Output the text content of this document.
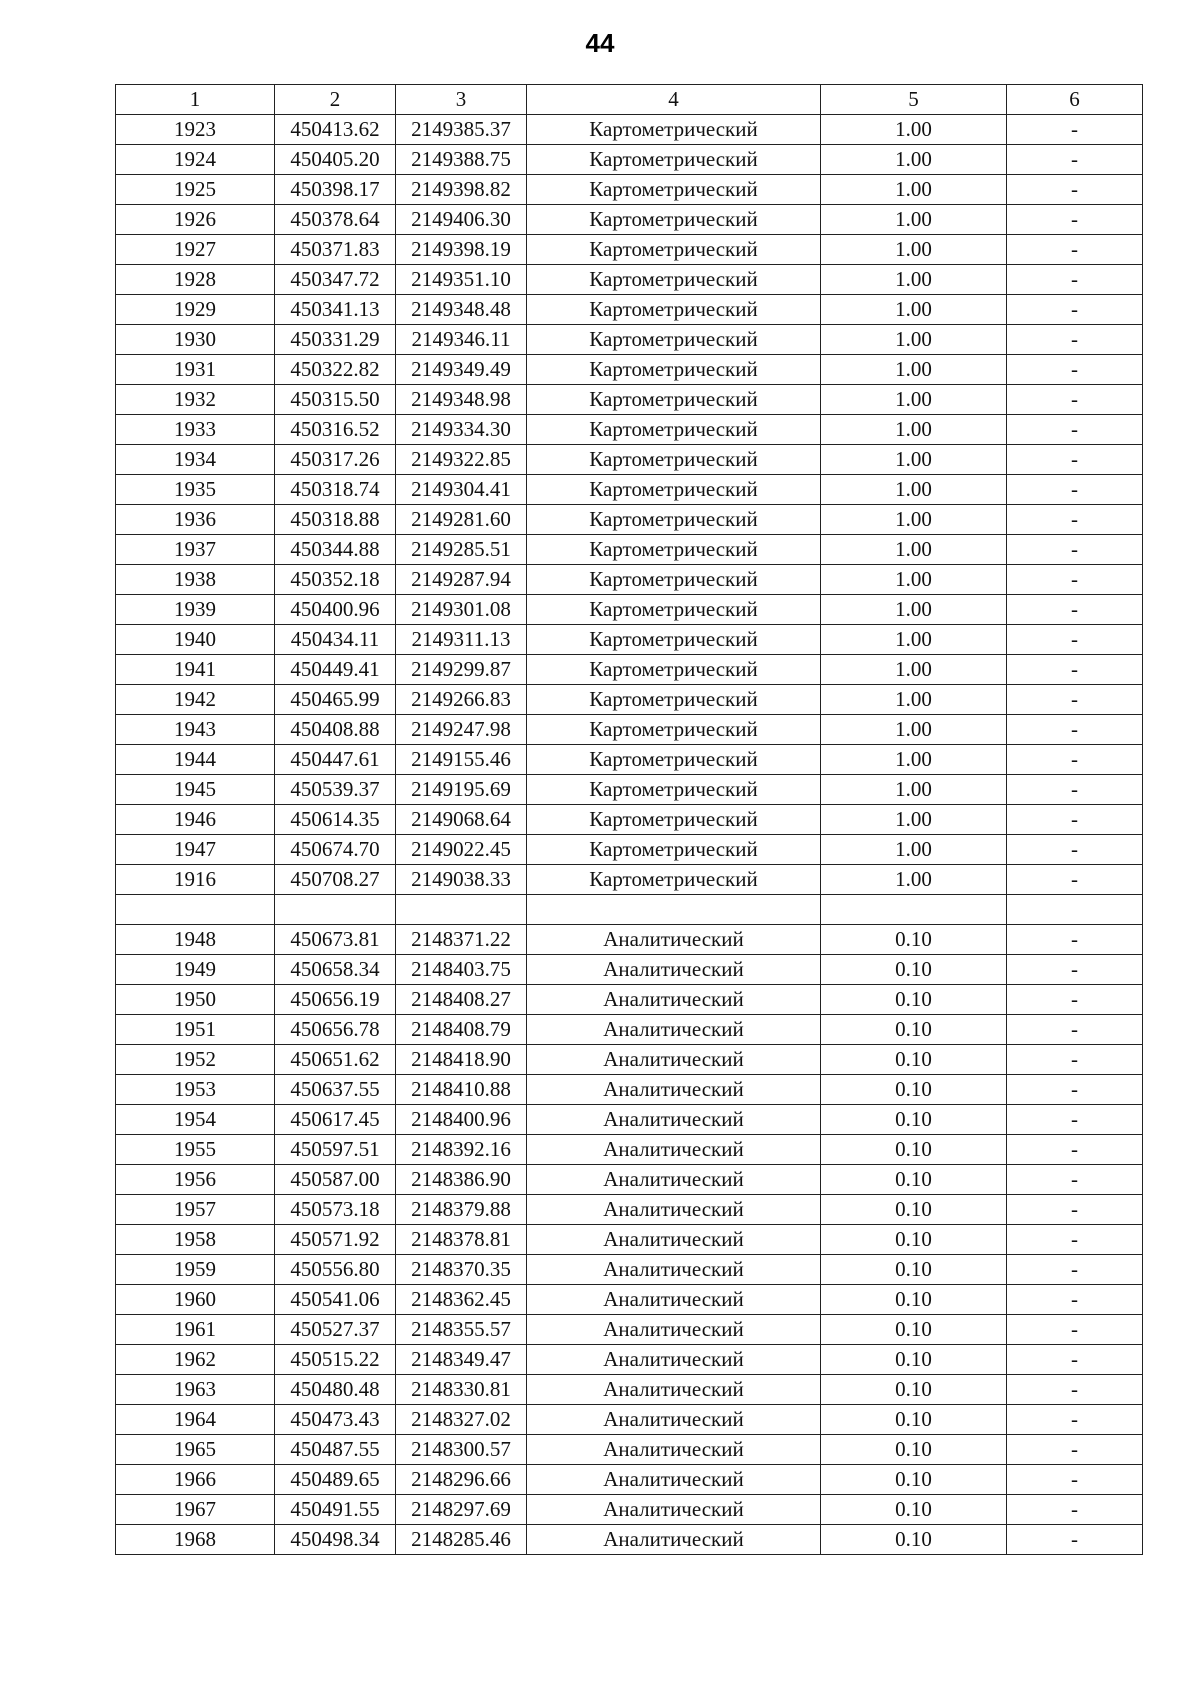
44
1	2	3	4	5	6
1923	450413.62	2149385.37	Картометрический	1.00	-
1924	450405.20	2149388.75	Картометрический	1.00	-
1925	450398.17	2149398.82	Картометрический	1.00	-
1926	450378.64	2149406.30	Картометрический	1.00	-
1927	450371.83	2149398.19	Картометрический	1.00	-
1928	450347.72	2149351.10	Картометрический	1.00	-
1929	450341.13	2149348.48	Картометрический	1.00	-
1930	450331.29	2149346.11	Картометрический	1.00	-
1931	450322.82	2149349.49	Картометрический	1.00	-
1932	450315.50	2149348.98	Картометрический	1.00	-
1933	450316.52	2149334.30	Картометрический	1.00	-
1934	450317.26	2149322.85	Картометрический	1.00	-
1935	450318.74	2149304.41	Картометрический	1.00	-
1936	450318.88	2149281.60	Картометрический	1.00	-
1937	450344.88	2149285.51	Картометрический	1.00	-
1938	450352.18	2149287.94	Картометрический	1.00	-
1939	450400.96	2149301.08	Картометрический	1.00	-
1940	450434.11	2149311.13	Картометрический	1.00	-
1941	450449.41	2149299.87	Картометрический	1.00	-
1942	450465.99	2149266.83	Картометрический	1.00	-
1943	450408.88	2149247.98	Картометрический	1.00	-
1944	450447.61	2149155.46	Картометрический	1.00	-
1945	450539.37	2149195.69	Картометрический	1.00	-
1946	450614.35	2149068.64	Картометрический	1.00	-
1947	450674.70	2149022.45	Картометрический	1.00	-
1916	450708.27	2149038.33	Картометрический	1.00	-

1948	450673.81	2148371.22	Аналитический	0.10	-
1949	450658.34	2148403.75	Аналитический	0.10	-
1950	450656.19	2148408.27	Аналитический	0.10	-
1951	450656.78	2148408.79	Аналитический	0.10	-
1952	450651.62	2148418.90	Аналитический	0.10	-
1953	450637.55	2148410.88	Аналитический	0.10	-
1954	450617.45	2148400.96	Аналитический	0.10	-
1955	450597.51	2148392.16	Аналитический	0.10	-
1956	450587.00	2148386.90	Аналитический	0.10	-
1957	450573.18	2148379.88	Аналитический	0.10	-
1958	450571.92	2148378.81	Аналитический	0.10	-
1959	450556.80	2148370.35	Аналитический	0.10	-
1960	450541.06	2148362.45	Аналитический	0.10	-
1961	450527.37	2148355.57	Аналитический	0.10	-
1962	450515.22	2148349.47	Аналитический	0.10	-
1963	450480.48	2148330.81	Аналитический	0.10	-
1964	450473.43	2148327.02	Аналитический	0.10	-
1965	450487.55	2148300.57	Аналитический	0.10	-
1966	450489.65	2148296.66	Аналитический	0.10	-
1967	450491.55	2148297.69	Аналитический	0.10	-
1968	450498.34	2148285.46	Аналитический	0.10	-
